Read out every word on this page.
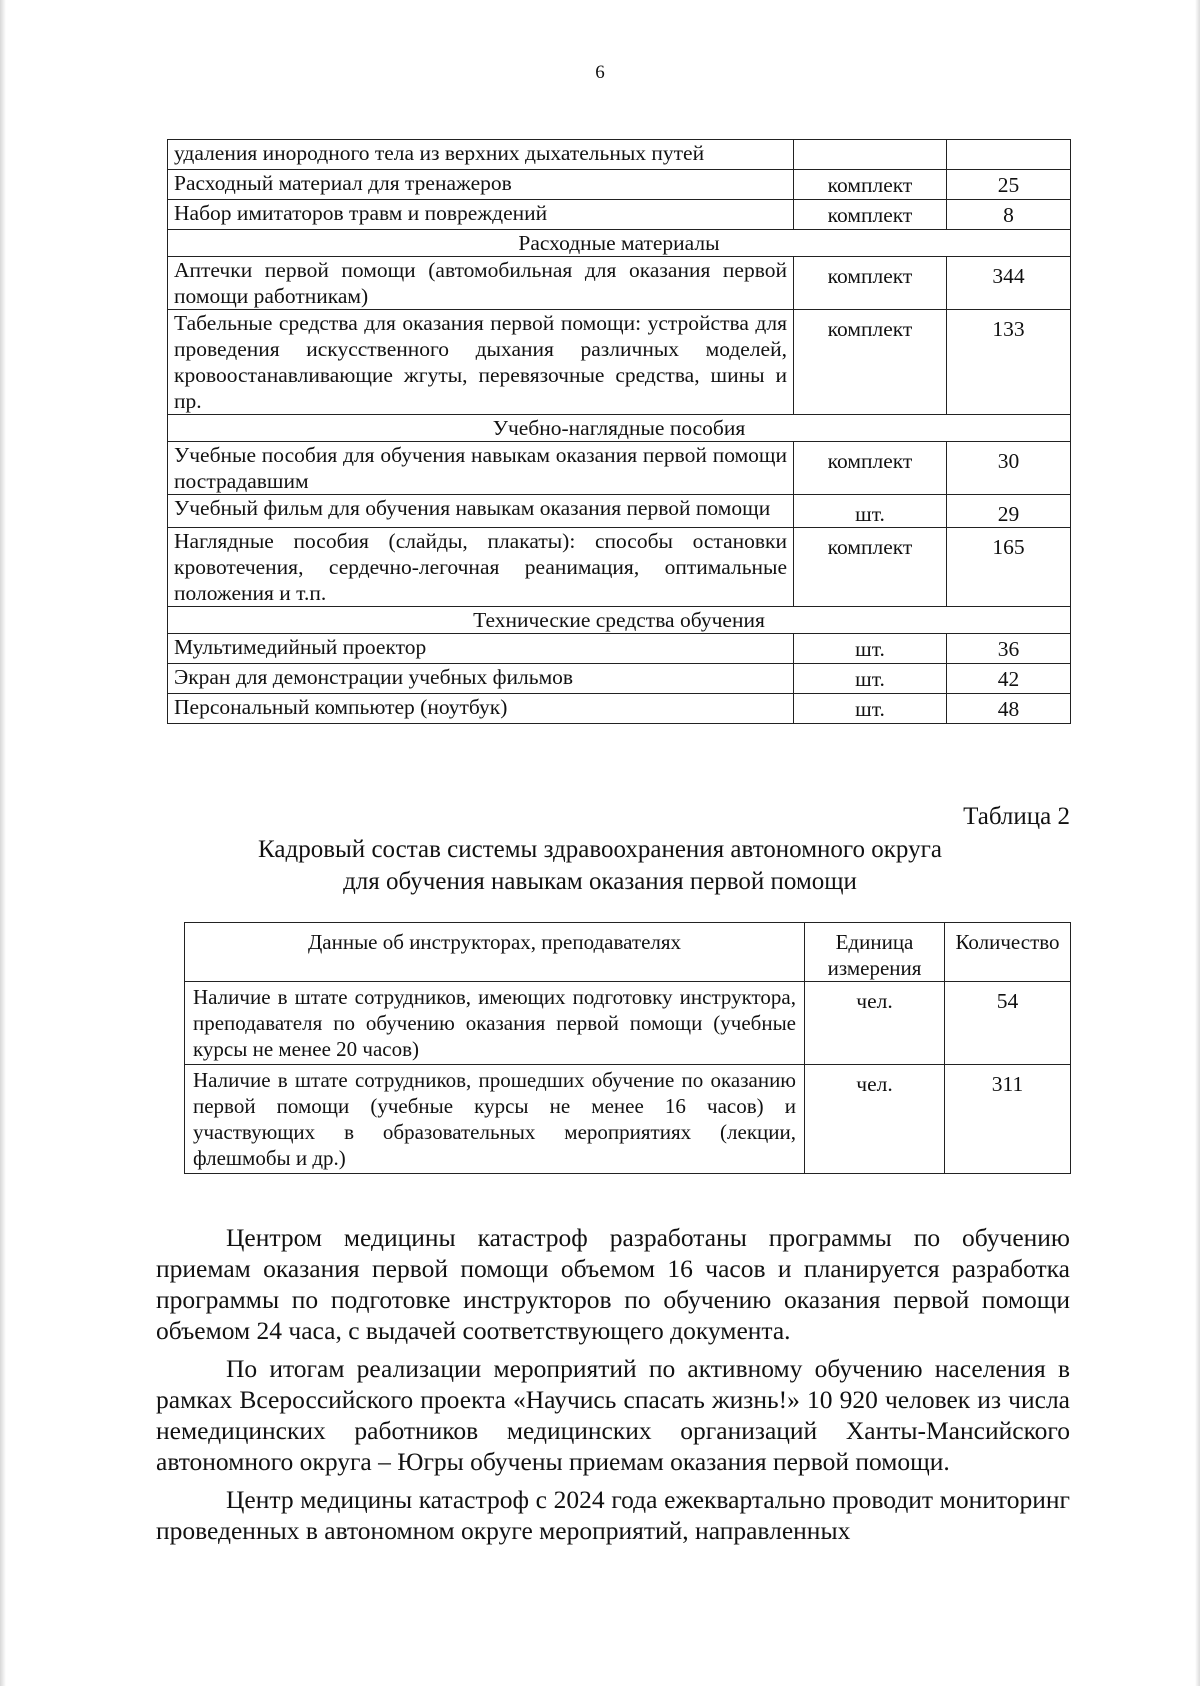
6
удаления инородного тела из верхних дыхательных путей		
Расходный материал для тренажеров	комплект	25
Набор имитаторов травм и повреждений	комплект	8
Расходные материалы		
Аптечки первой помощи (автомобильная для оказания первой помощи работникам)	комплект	344
Табельные средства для оказания первой помощи: устройства для проведения искусственного дыхания различных моделей, кровоостанавливающие жгуты, перевязочные средства, шины и пр.	комплект	133
Учебно-наглядные пособия		
Учебные пособия для обучения навыкам оказания первой помощи пострадавшим	комплект	30
Учебный фильм для обучения навыкам оказания первой помощи	шт.	29
Наглядные пособия (слайды, плакаты): способы остановки кровотечения, сердечно-легочная реанимация, оптимальные положения и т.п.	комплект	165
Технические средства обучения		
Мультимедийный проектор	шт.	36
Экран для демонстрации учебных фильмов	шт.	42
Персональный компьютер (ноутбук)	шт.	48
Таблица 2
Кадровый состав системы здравоохранения автономного округа
для обучения навыкам оказания первой помощи
Данные об инструкторах, преподавателях	Единица измерения	Количество
Наличие в штате сотрудников, имеющих подготовку инструктора, преподавателя по обучению оказания первой помощи (учебные курсы не менее 20 часов)	чел.	54
Наличие в штате сотрудников, прошедших обучение по оказанию первой помощи (учебные курсы не менее 16 часов) и участвующих в образовательных мероприятиях (лекции, флешмобы и др.)	чел.	311

Центром медицины катастроф разработаны программы по обучению приемам оказания первой помощи объемом 16 часов и планируется разработка программы по подготовке инструкторов по обучению оказания первой помощи объемом 24 часа, с выдачей соответствующего документа.

По итогам реализации мероприятий по активному обучению населения в рамках Всероссийского проекта «Научись спасать жизнь!» 10 920 человек из числа немедицинских работников медицинских организаций Ханты-Мансийского автономного округа – Югры обучены приемам оказания первой помощи.

Центр медицины катастроф с 2024 года ежеквартально проводит мониторинг проведенных в автономном округе мероприятий, направленных
